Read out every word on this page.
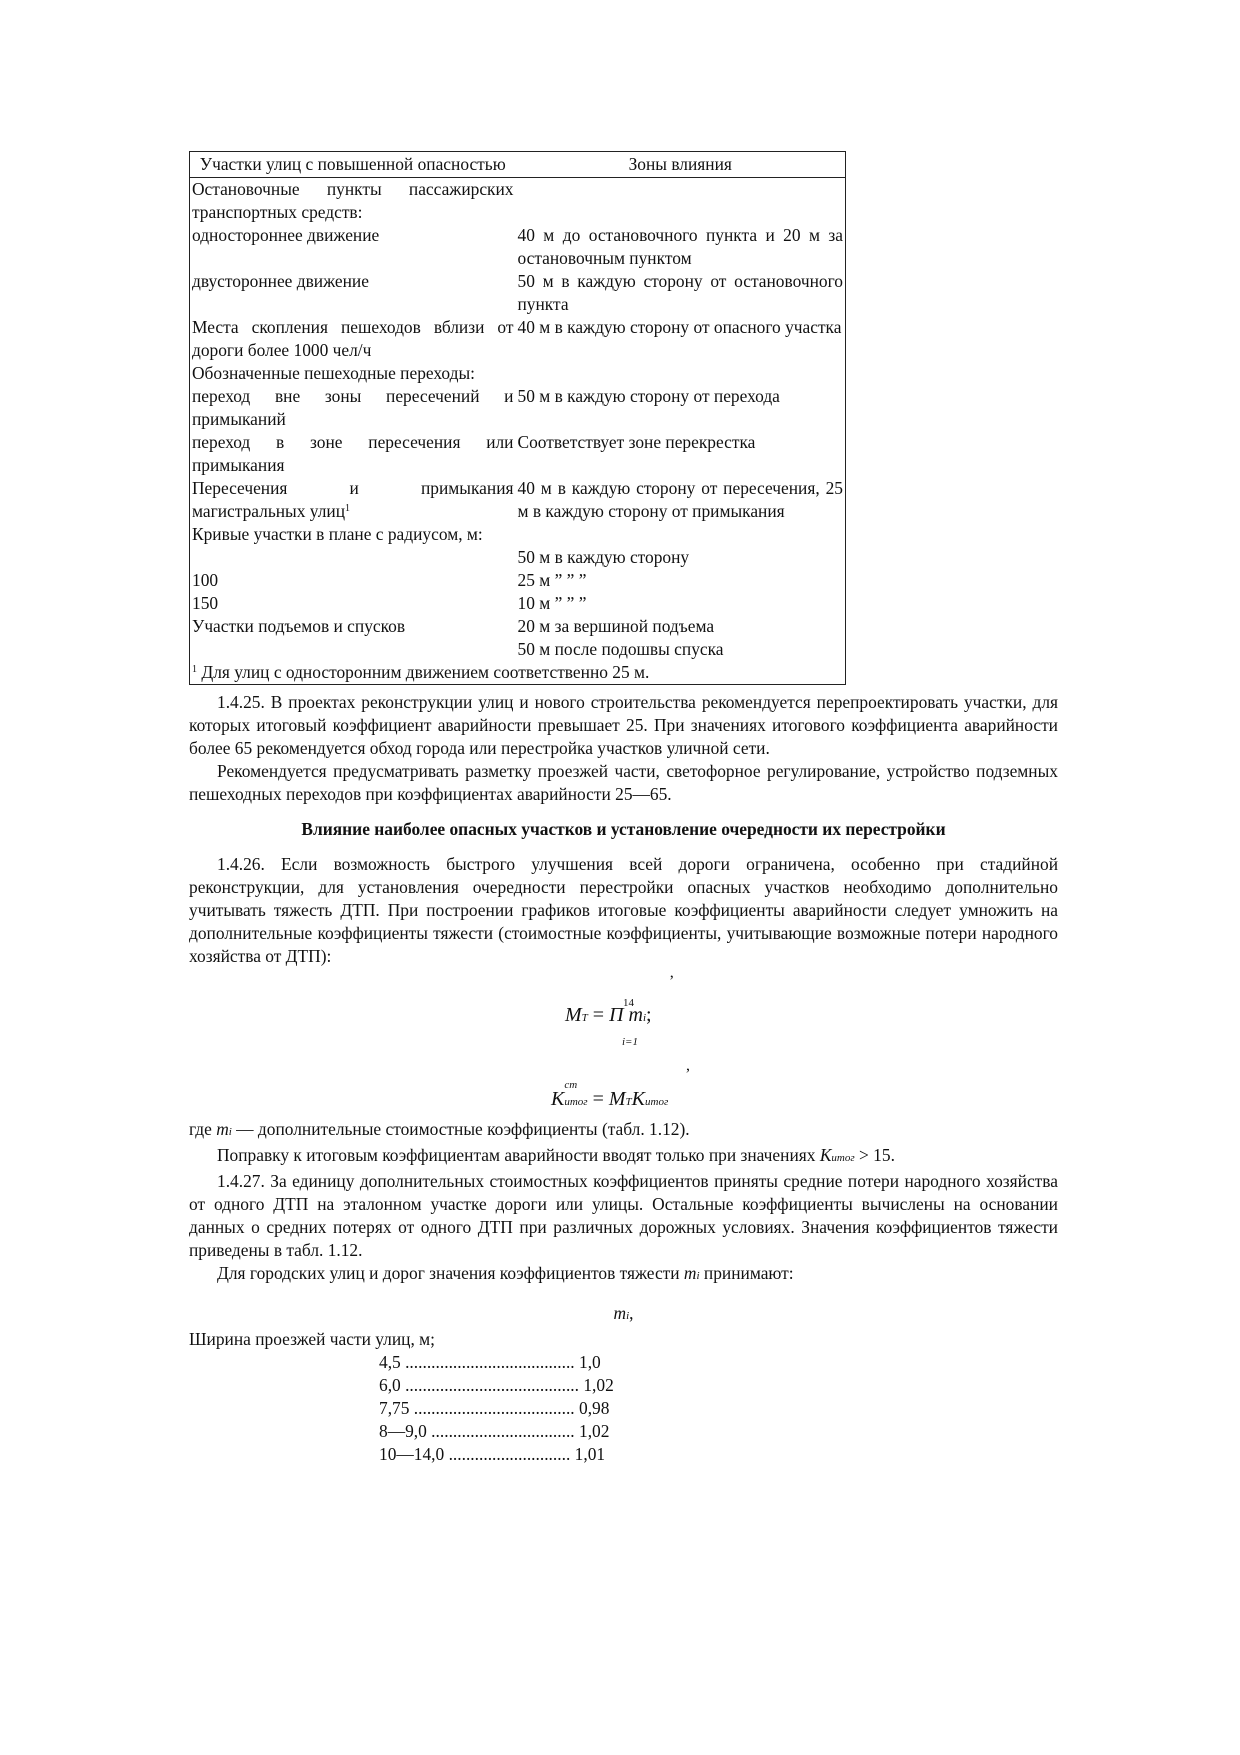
Участки улиц с повышенной опасностью	Зоны влияния
Остановочные пункты пассажирских транспортных средств:	
одностороннее движение	40 м до остановочного пункта и 20 м за остановочным пунктом
двустороннее движение	50 м в каждую сторону от остановочного пункта
Места скопления пешеходов вблизи от дороги более 1000 чел/ч	40 м в каждую сторону от опасного участка
Обозначенные пешеходные переходы:	
переход вне зоны пересечений и примыканий	50 м в каждую сторону от перехода
переход в зоне пересечения или примыкания	Соответствует зоне перекрестка
Пересечения и примыкания магистральных улиц$^1$	40 м в каждую сторону от пересечения, 25 м в каждую сторону от примыкания
Кривые участки в плане с радиусом, м:	
	50 м в каждую сторону
100	25 м ” ” ”
150	10 м ” ” ”
Участки подъемов и спусков	20 м за вершиной подъема
	50 м после подошвы спуска
$^1$ Для улиц с односторонним движением соответственно 25 м.	

1.4.25. В проектах реконструкции улиц и нового строительства рекомендуется перепроектировать участки, для которых итоговый коэффициент аварийности превышает 25. При значениях итогового коэффициента аварийности более 65 рекомендуется обход города или перестройка участков уличной сети.

Рекомендуется предусматривать разметку проезжей части, светофорное регулирование, устройство подземных пешеходных переходов при коэффициентах аварийности 25—65.

Влияние наиболее опасных участков и установление очередности их перестройки

1.4.26. Если возможность быстрого улучшения всей дороги ограничена, особенно при стадийной реконструкции, для установления очередности перестройки опасных участков необходимо дополнительно учитывать тяжесть ДТП. При построении графиков итоговые коэффициенты аварийности следует умножить на дополнительные коэффициенты тяжести (стоимостные коэффициенты, учитывающие возможные потери народного хозяйства от ДТП):

’
14
MT = Π mi;
i=1
,
K
ст
итог = MTKитог

где mi — дополнительные стоимостные коэффициенты (табл. 1.12).

Поправку к итоговым коэффициентам аварийности вводят только при значениях Kитог > 15.

1.4.27. За единицу дополнительных стоимостных коэффициентов приняты средние потери народного хозяйства от одного ДТП на эталонном участке дороги или улицы. Остальные коэффициенты вычислены на основании данных о средних потерях от одного ДТП при различных дорожных условиях. Значения коэффициентов тяжести приведены в табл. 1.12.

Для городских улиц и дорог значения коэффициентов тяжести mi принимают:

mi,

Ширина проезжей части улиц, м;

4,5 ....................................... 1,0
6,0 ........................................ 1,02
7,75 ..................................... 0,98
8—9,0 ................................. 1,02
10—14,0 ............................ 1,01
